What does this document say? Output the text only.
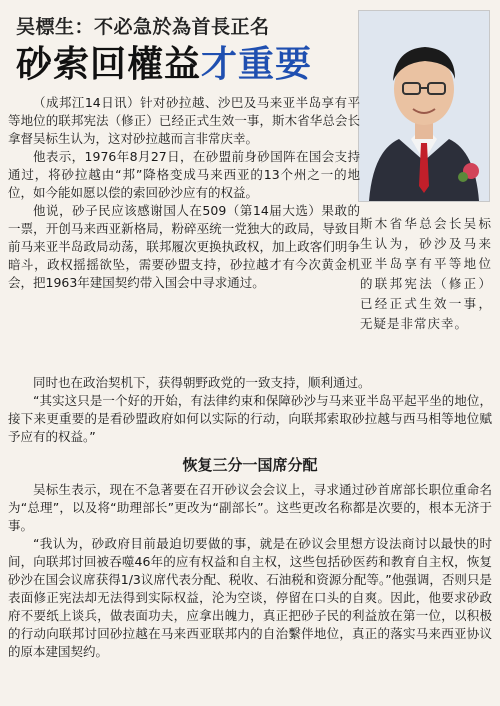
吴標生：不必急於為首長正名
砂索回權益才重要
斯木省华总会长吴标生认为，砂沙及马来亚半岛享有平等地位的联邦宪法（修正）已经正式生效一事，无疑是非常庆幸。

（成邦江14日讯）针对砂拉越、沙巴及马来亚半岛享有平等地位的联邦宪法（修正）已经正式生效一事，斯木省华总会长拿督吴标生认为，这对砂拉越而言非常庆幸。

他表示，1976年8月27日，在砂盟前身砂国阵在国会支持通过，将砂拉越由“邦”降格变成马来西亚的13个州之一的地位，如今能如愿以偿的索回砂沙应有的权益。

他说，砂子民应该感谢国人在509（第14届大选）果敢的一票，开创马来西亚新格局，粉碎巫统一党独大的政局，导致目前马来亚半岛政局动荡，联邦履次更换执政权，加上政客们明争暗斗，政权摇摇欲坠，需要砂盟支持，砂拉越才有今次黄金机会，把1963年建国契约带入国会中寻求通过。

同时也在政治契机下，获得朝野政党的一致支持，顺利通过。

“其实这只是一个好的开始，有法律约束和保障砂沙与马来亚半岛平起平坐的地位，接下来更重要的是看砂盟政府如何以实际的行动，向联邦索取砂拉越与西马相等地位赋予应有的权益。”

恢复三分一国席分配

吴标生表示，现在不急著要在召开砂议会会议上，寻求通过砂首席部长职位重命名为“总理”，以及将“助理部长”更改为“副部长”。这些更改名称都是次要的，根本无济于事。

“我认为，砂政府目前最迫切要做的事，就是在砂议会里想方设法商讨以最快的时间，向联邦讨回被吞噬46年的应有权益和自主权，这些包括砂医药和教育自主权，恢复砂沙在国会议席获得1/3议席代表分配、税收、石油税和资源分配等。”他强调，否则只是表面修正宪法却无法得到实际权益，沦为空谈，停留在口头的自爽。因此，他要求砂政府不要纸上谈兵，做表面功夫，应拿出魄力，真正把砂子民的利益放在第一位，以积极的行动向联邦讨回砂拉越在马来西亚联邦内的自治繫伴地位，真正的落实马来西亚协议的原本建国契约。
